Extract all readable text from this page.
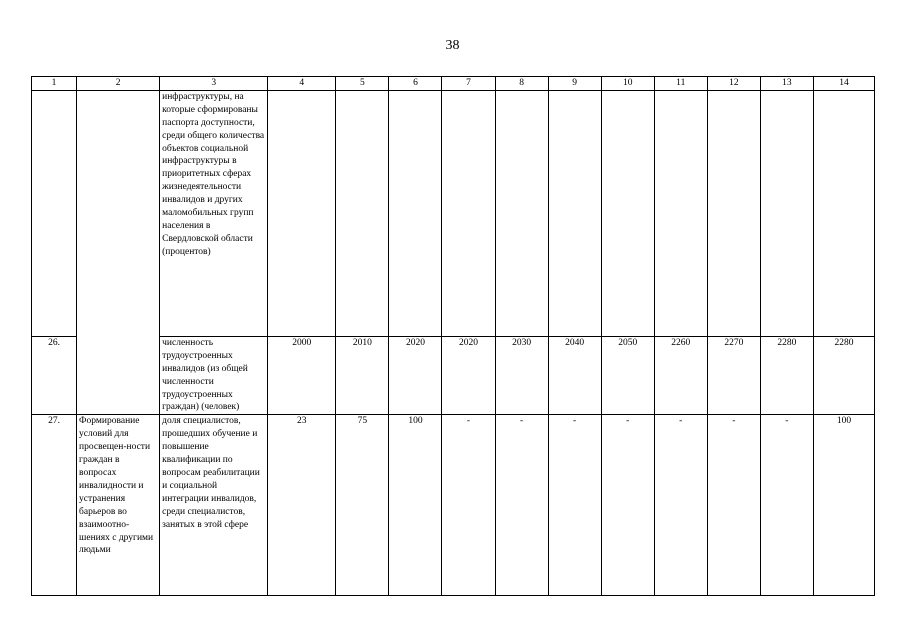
38
1	2	3	4	5	6	7	8	9	10	11	12	13	14
		инфраструктуры, на которые сформированы паспорта доступности, среди общего количества объектов социальной инфраструктуры в приоритетных сферах жизнедеятельности инвалидов и других маломобильных групп населения в Свердловской области (процентов)											
26.		численность трудоустроенных инвалидов (из общей численности трудоустроенных граждан) (человек)	2000	2010	2020	2020	2030	2040	2050	2260	2270	2280	2280
27.	Формирование условий для просвещен-ности граждан в вопросах инвалидности и устранения барьеров во взаимоотно-шениях с другими людьми	доля специалистов, прошедших обучение и повышение квалификации по вопросам реабилитации и социальной интеграции инвалидов, среди специалистов, занятых в этой сфере	23	75	100	-	-	-	-	-	-	-	100
